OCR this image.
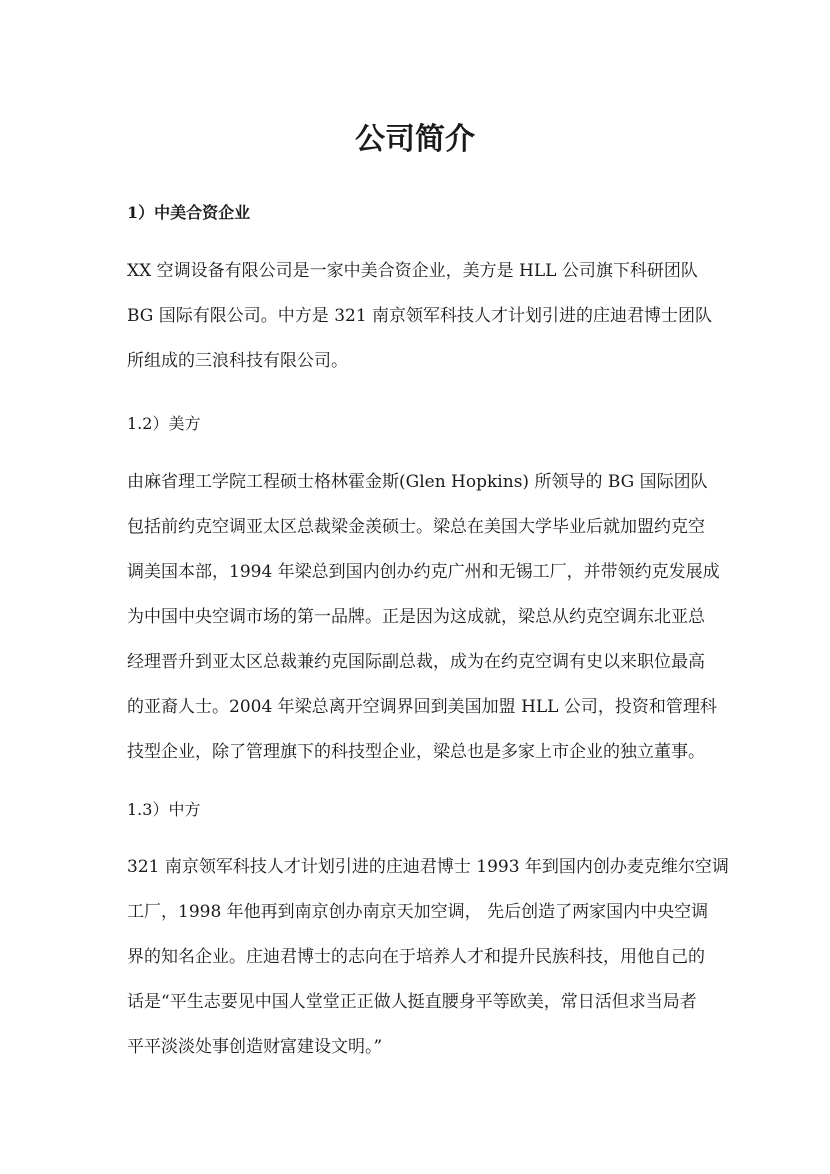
公司简介
1）中美合资企业
XX 空调设备有限公司是一家中美合资企业，美方是 HLL 公司旗下科研团队
BG 国际有限公司。中方是 321 南京领军科技人才计划引进的庄迪君博士团队
所组成的三浪科技有限公司。
1.2）美方
由麻省理工学院工程硕士格林霍金斯(Glen Hopkins) 所领导的 BG 国际团队
包括前约克空调亚太区总裁梁金羡硕士。梁总在美国大学毕业后就加盟约克空
调美国本部，1994 年梁总到国内创办约克广州和无锡工厂，并带领约克发展成
为中国中央空调市场的第一品牌。正是因为这成就，梁总从约克空调东北亚总
经理晋升到亚太区总裁兼约克国际副总裁，成为在约克空调有史以来职位最高
的亚裔人士。2004 年梁总离开空调界回到美国加盟 HLL 公司，投资和管理科
技型企业，除了管理旗下的科技型企业，梁总也是多家上市企业的独立董事。
1.3）中方
321 南京领军科技人才计划引进的庄迪君博士 1993 年到国内创办麦克维尔空调
工厂，1998 年他再到南京创办南京天加空调， 先后创造了两家国内中央空调
界的知名企业。庄迪君博士的志向在于培养人才和提升民族科技，用他自己的
话是“平生志要见中国人堂堂正正做人挺直腰身平等欧美，常日活但求当局者
平平淡淡处事创造财富建设文明。”
